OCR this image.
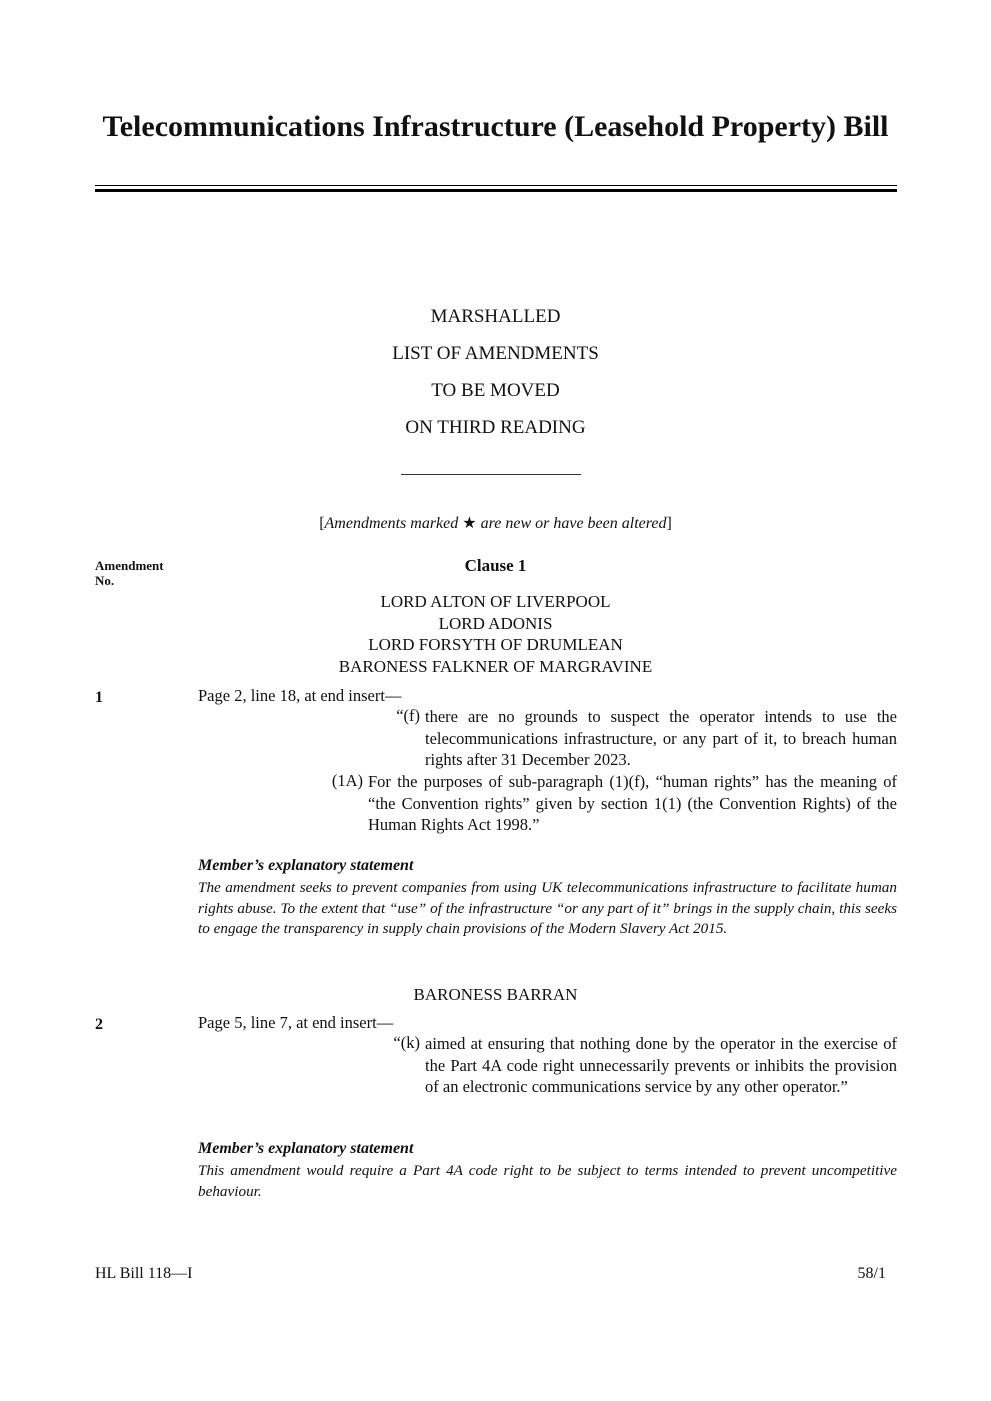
Telecommunications Infrastructure (Leasehold Property) Bill
MARSHALLED
LIST OF AMENDMENTS
TO BE MOVED
ON THIRD READING
[Amendments marked ★ are new or have been altered]
Amendment
No.
Clause 1
LORD ALTON OF LIVERPOOL
LORD ADONIS
LORD FORSYTH OF DRUMLEAN
BARONESS FALKNER OF MARGRAVINE
1	Page 2, line 18, at end insert—
“(f) there are no grounds to suspect the operator intends to use the telecommunications infrastructure, or any part of it, to breach human rights after 31 December 2023.
(1A) For the purposes of sub-paragraph (1)(f), “human rights” has the meaning of “the Convention rights” given by section 1(1) (the Convention Rights) of the Human Rights Act 1998.”
Member’s explanatory statement
The amendment seeks to prevent companies from using UK telecommunications infrastructure to facilitate human rights abuse. To the extent that “use” of the infrastructure “or any part of it” brings in the supply chain, this seeks to engage the transparency in supply chain provisions of the Modern Slavery Act 2015.
BARONESS BARRAN
2	Page 5, line 7, at end insert—
“(k) aimed at ensuring that nothing done by the operator in the exercise of the Part 4A code right unnecessarily prevents or inhibits the provision of an electronic communications service by any other operator.”
Member’s explanatory statement
This amendment would require a Part 4A code right to be subject to terms intended to prevent uncompetitive behaviour.
HL Bill 118—I	58/1
